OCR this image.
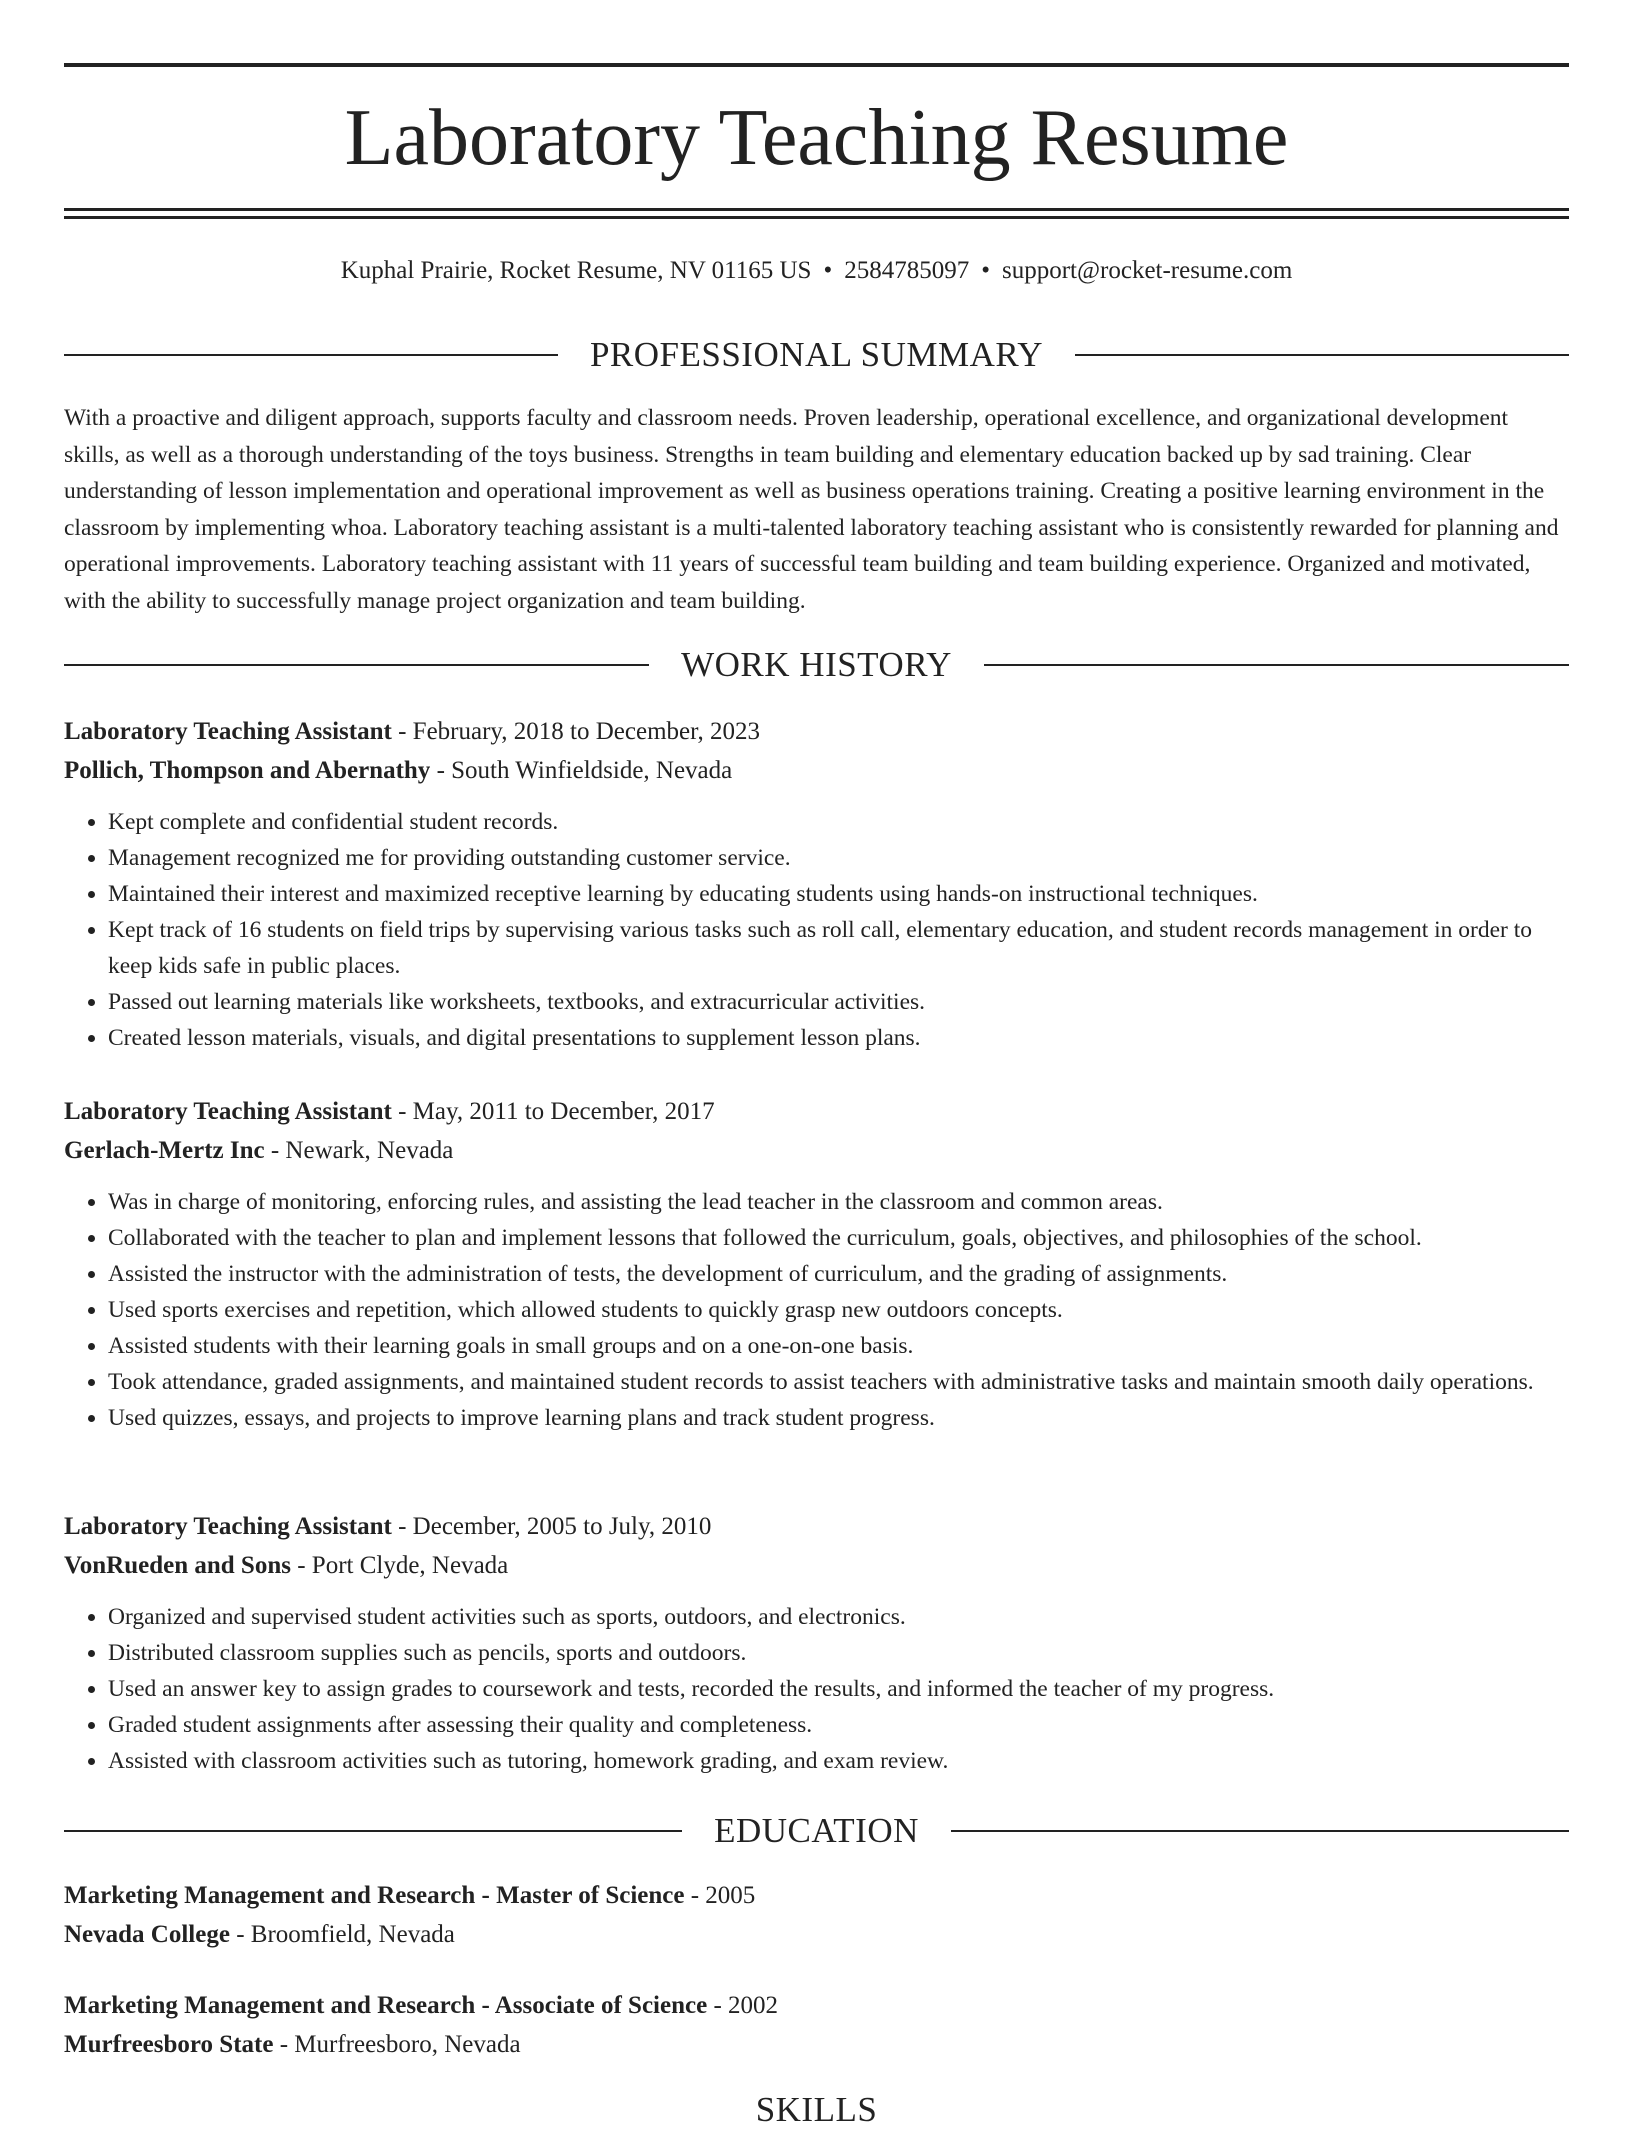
Laboratory Teaching Resume
Kuphal Prairie, Rocket Resume, NV 01165 US • 2584785097 • support@rocket-resume.com
PROFESSIONAL SUMMARY

With a proactive and diligent approach, supports faculty and classroom needs. Proven leadership, operational excellence, and organizational development skills, as well as a thorough understanding of the toys business. Strengths in team building and elementary education backed up by sad training. Clear understanding of lesson implementation and operational improvement as well as business operations training. Creating a positive learning environment in the classroom by implementing whoa. Laboratory teaching assistant is a multi-talented laboratory teaching assistant who is consistently rewarded for planning and operational improvements. Laboratory teaching assistant with 11 years of successful team building and team building experience. Organized and motivated, with the ability to successfully manage project organization and team building.

WORK HISTORY

Laboratory Teaching Assistant - February, 2018 to December, 2023

Pollich, Thompson and Abernathy - South Winfieldside, Nevada

• Kept complete and confidential student records.
• Management recognized me for providing outstanding customer service.
• Maintained their interest and maximized receptive learning by educating students using hands-on instructional techniques.
• Kept track of 16 students on field trips by supervising various tasks such as roll call, elementary education, and student records management in order to keep kids safe in public places.
• Passed out learning materials like worksheets, textbooks, and extracurricular activities.
• Created lesson materials, visuals, and digital presentations to supplement lesson plans.

Laboratory Teaching Assistant - May, 2011 to December, 2017

Gerlach-Mertz Inc - Newark, Nevada

• Was in charge of monitoring, enforcing rules, and assisting the lead teacher in the classroom and common areas.
• Collaborated with the teacher to plan and implement lessons that followed the curriculum, goals, objectives, and philosophies of the school.
• Assisted the instructor with the administration of tests, the development of curriculum, and the grading of assignments.
• Used sports exercises and repetition, which allowed students to quickly grasp new outdoors concepts.
• Assisted students with their learning goals in small groups and on a one-on-one basis.
• Took attendance, graded assignments, and maintained student records to assist teachers with administrative tasks and maintain smooth daily operations.
• Used quizzes, essays, and projects to improve learning plans and track student progress.

Laboratory Teaching Assistant - December, 2005 to July, 2010

VonRueden and Sons - Port Clyde, Nevada

• Organized and supervised student activities such as sports, outdoors, and electronics.
• Distributed classroom supplies such as pencils, sports and outdoors.
• Used an answer key to assign grades to coursework and tests, recorded the results, and informed the teacher of my progress.
• Graded student assignments after assessing their quality and completeness.
• Assisted with classroom activities such as tutoring, homework grading, and exam review.
EDUCATION

Marketing Management and Research - Master of Science - 2005

Nevada College - Broomfield, Nevada

Marketing Management and Research - Associate of Science - 2002

Murfreesboro State - Murfreesboro, Nevada

SKILLS
